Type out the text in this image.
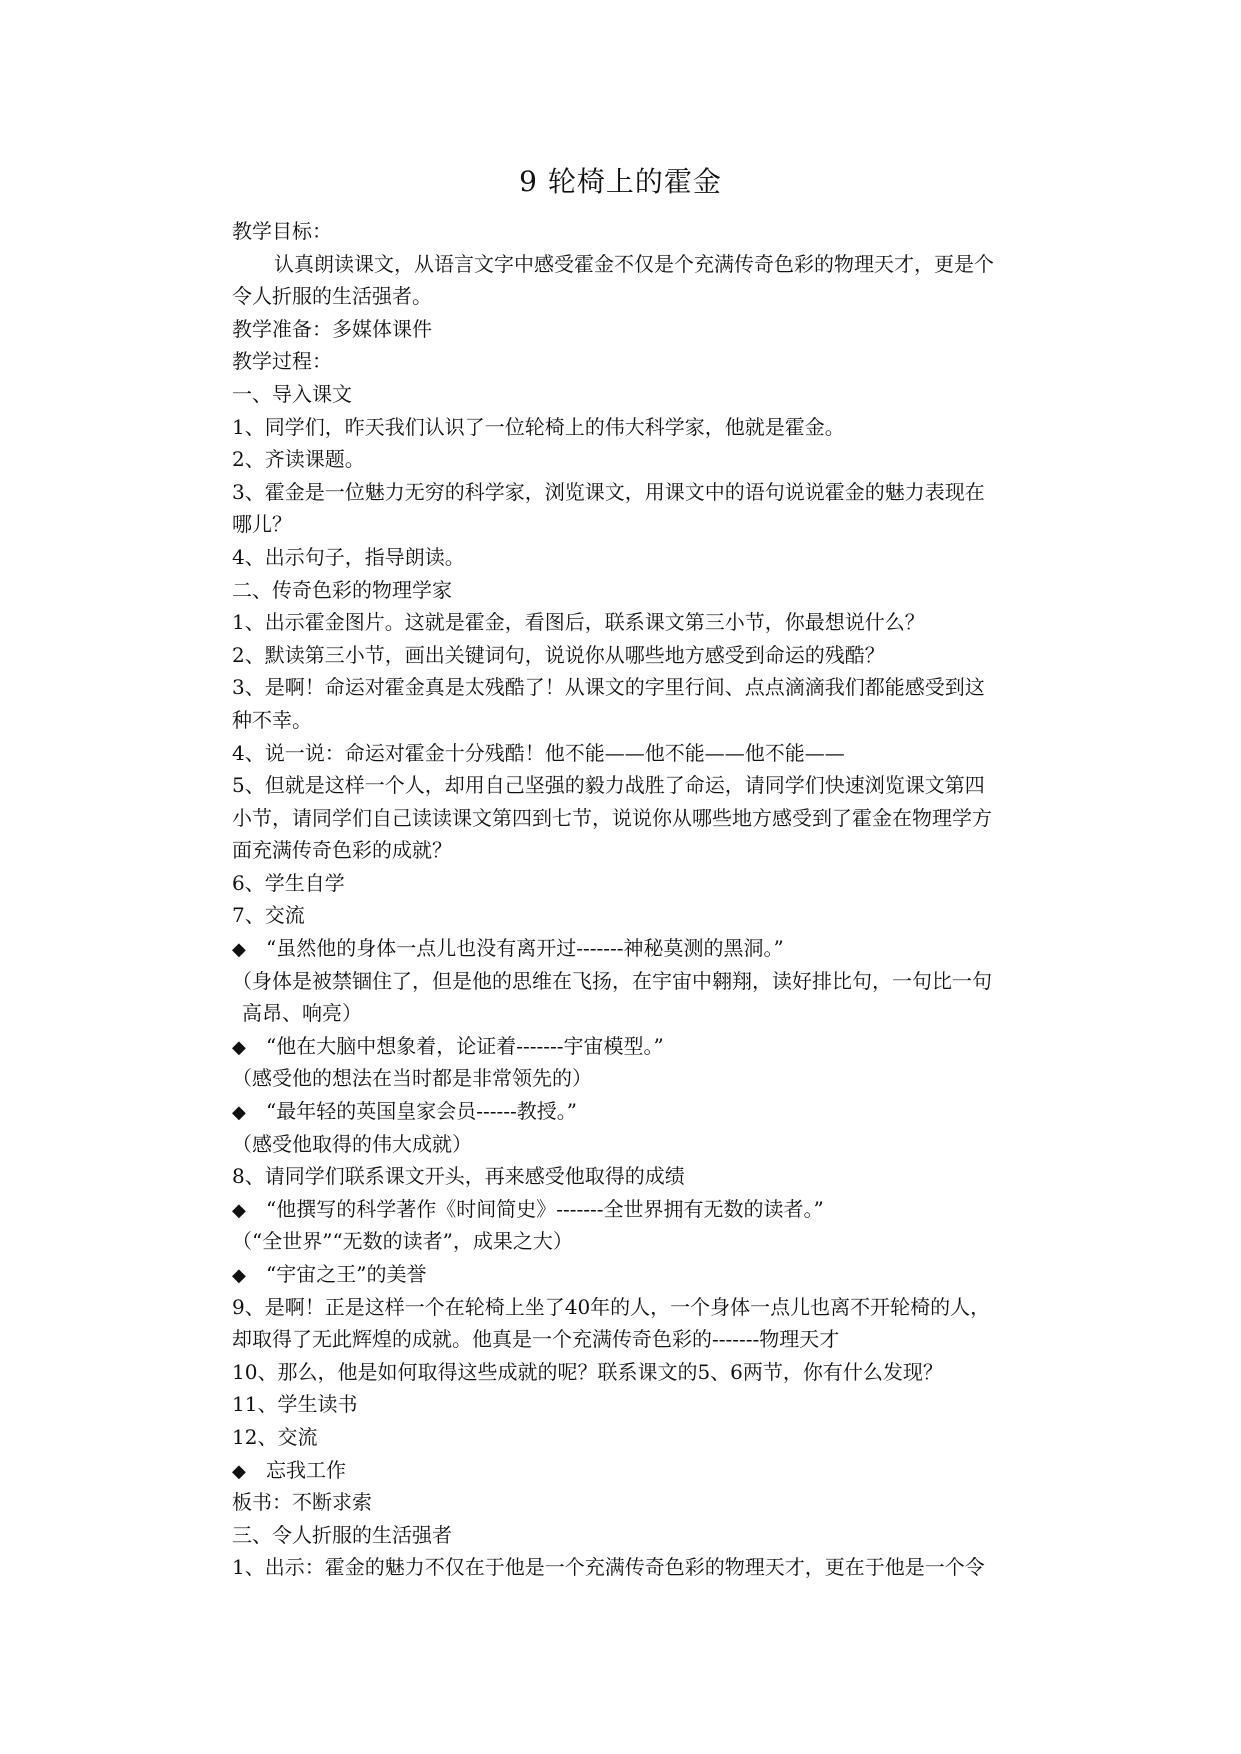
9 轮椅上的霍金
教学目标：
认真朗读课文，从语言文字中感受霍金不仅是个充满传奇色彩的物理天才，更是个
令人折服的生活强者。
教学准备：多媒体课件
教学过程：
一、导入课文
1、同学们，昨天我们认识了一位轮椅上的伟大科学家，他就是霍金。
2、齐读课题。
3、霍金是一位魅力无穷的科学家，浏览课文，用课文中的语句说说霍金的魅力表现在
哪儿？
4、出示句子，指导朗读。
二、传奇色彩的物理学家
1、出示霍金图片。这就是霍金，看图后，联系课文第三小节，你最想说什么？
2、默读第三小节，画出关键词句，说说你从哪些地方感受到命运的残酷？
3、是啊！命运对霍金真是太残酷了！从课文的字里行间、点点滴滴我们都能感受到这
种不幸。
4、说一说：命运对霍金十分残酷！他不能——他不能——他不能——
5、但就是这样一个人，却用自己坚强的毅力战胜了命运，请同学们快速浏览课文第四
小节，请同学们自己读读课文第四到七节，说说你从哪些地方感受到了霍金在物理学方
面充满传奇色彩的成就？
6、学生自学
7、交流
◆ “虽然他的身体一点儿也没有离开过-------神秘莫测的黑洞。”
（身体是被禁锢住了，但是他的思维在飞扬，在宇宙中翱翔，读好排比句，一句比一句
高昂、响亮）
◆ “他在大脑中想象着，论证着-------宇宙模型。”
（感受他的想法在当时都是非常领先的）
◆ “最年轻的英国皇家会员------教授。”
（感受他取得的伟大成就）
8、请同学们联系课文开头，再来感受他取得的成绩
◆ “他撰写的科学著作《时间简史》-------全世界拥有无数的读者。”
（“全世界”“无数的读者”，成果之大）
◆ “宇宙之王”的美誉
9、是啊！正是这样一个在轮椅上坐了40年的人，一个身体一点儿也离不开轮椅的人，
却取得了无此辉煌的成就。他真是一个充满传奇色彩的-------物理天才
10、那么，他是如何取得这些成就的呢？联系课文的5、6两节，你有什么发现？
11、学生读书
12、交流
◆ 忘我工作
板书：不断求索
三、令人折服的生活强者
1、出示：霍金的魅力不仅在于他是一个充满传奇色彩的物理天才，更在于他是一个令
